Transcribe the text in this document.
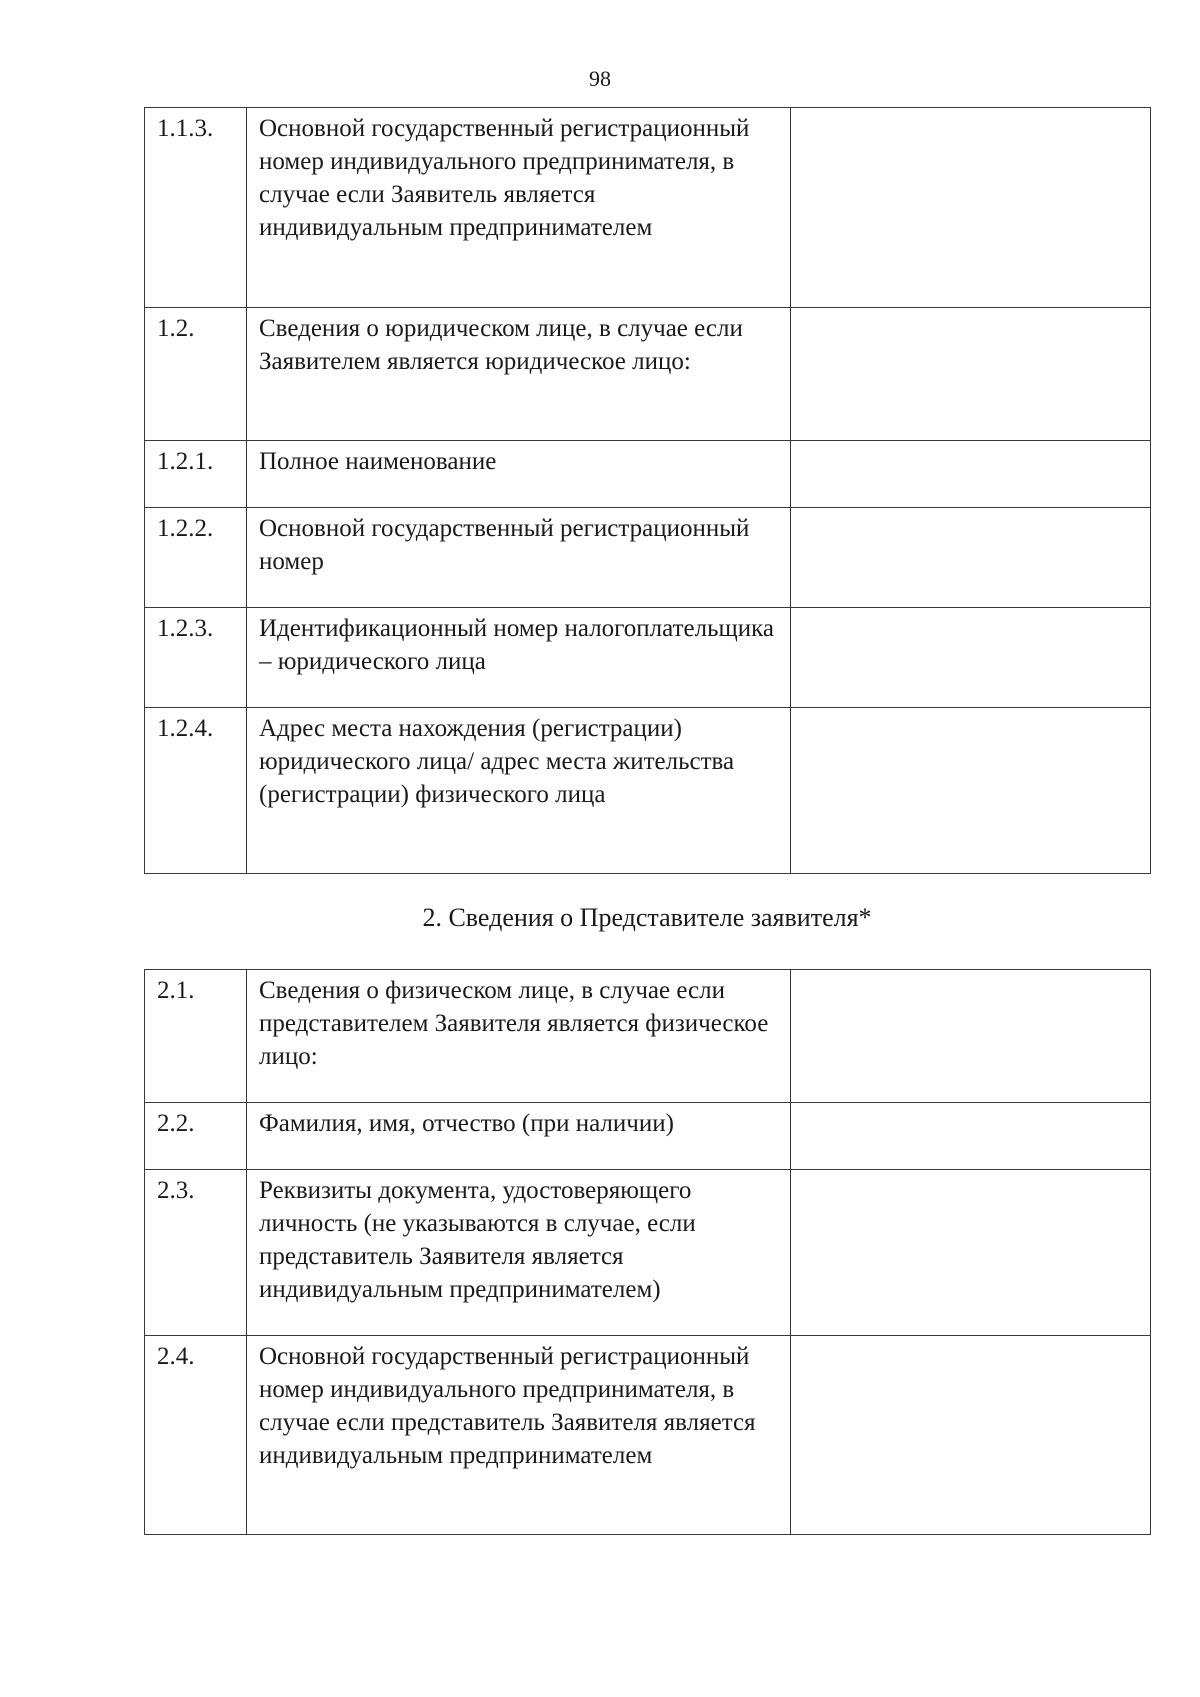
98
1.1.3.	Основной государственный регистрационный номер индивидуального предпринимателя, в случае если Заявитель является индивидуальным предпринимателем	
1.2.	Сведения о юридическом лице, в случае если Заявителем является юридическое лицо:	
1.2.1.	Полное наименование	
1.2.2.	Основной государственный регистрационный номер	
1.2.3.	Идентификационный номер налогоплательщика – юридического лица	
1.2.4.	Адрес места нахождения (регистрации) юридического лица/ адрес места жительства (регистрации) физического лица	
2. Сведения о Представителе заявителя*
2.1.	Сведения о физическом лице, в случае если представителем Заявителя является физическое лицо:	
2.2.	Фамилия, имя, отчество (при наличии)	
2.3.	Реквизиты документа, удостоверяющего личность (не указываются в случае, если представитель Заявителя является индивидуальным предпринимателем)	
2.4.	Основной государственный регистрационный номер индивидуального предпринимателя, в случае если представитель Заявителя является индивидуальным предпринимателем	
